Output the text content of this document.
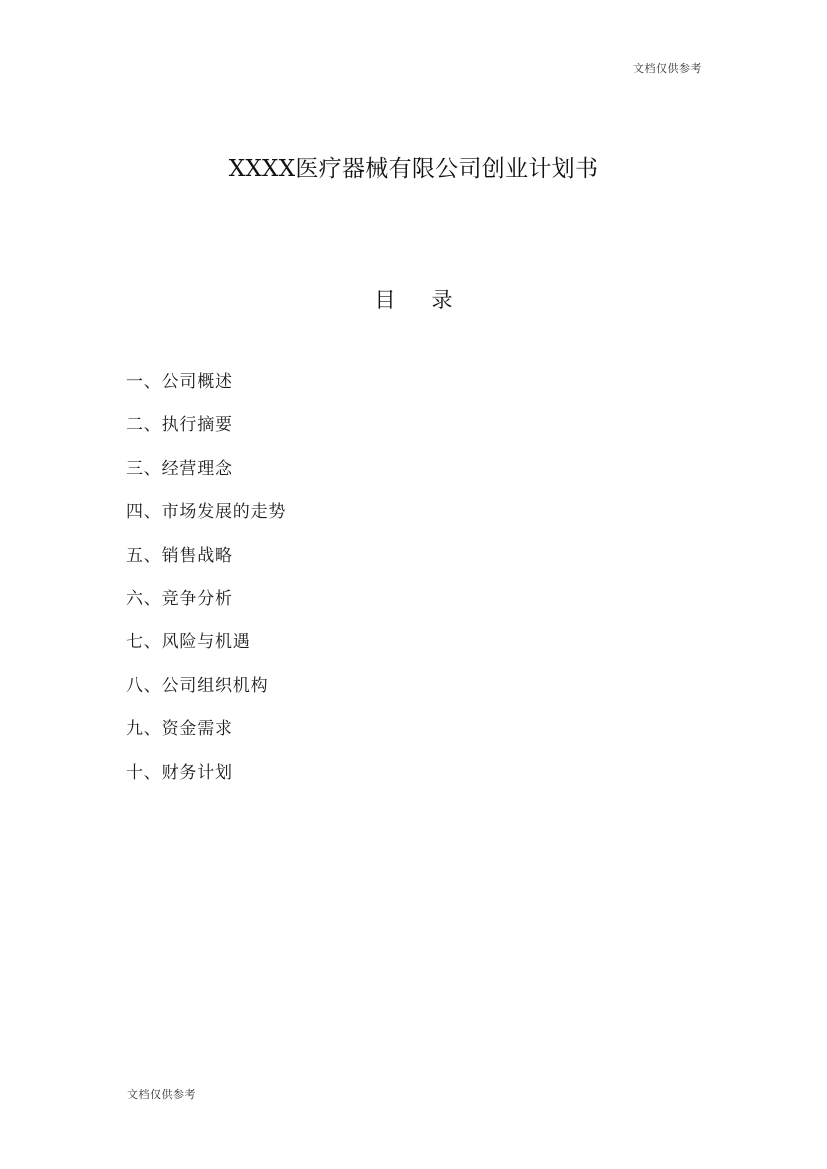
文档仅供参考
XXXX医疗器械有限公司创业计划书
目 录
一、公司概述
二、执行摘要
三、经营理念
四、市场发展的走势
五、销售战略
六、竞争分析
七、风险与机遇
八、公司组织机构
九、资金需求
十、财务计划
文档仅供参考
